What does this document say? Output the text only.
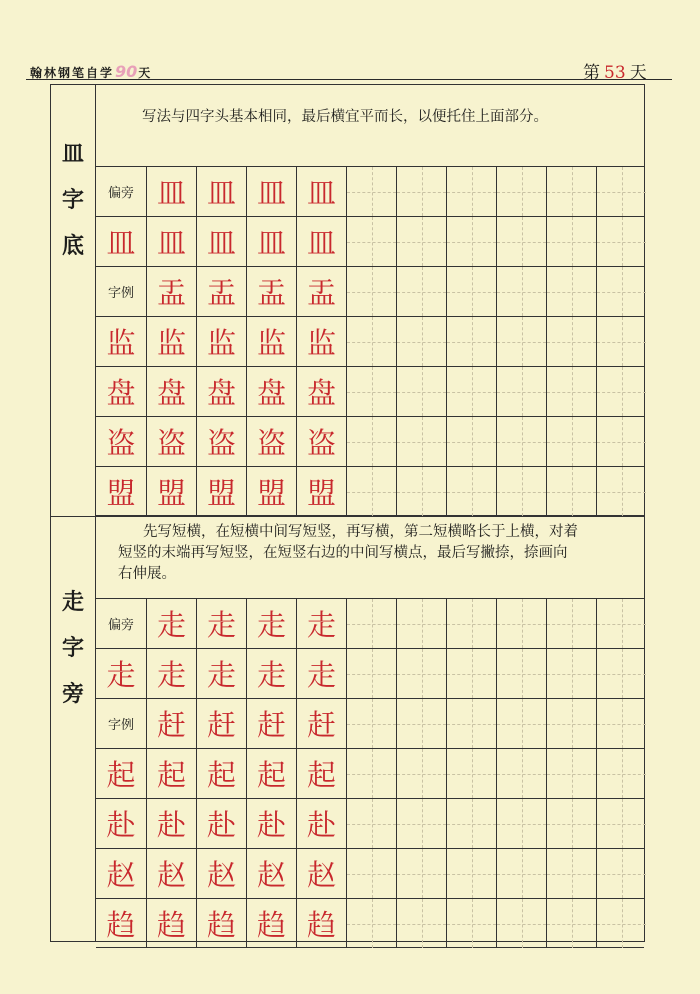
翰林钢笔自学90天	第 53 天
皿
字
底
写法与四字头基本相同，最后横宜平而长，以便托住上面部分。
偏旁 皿 皿 皿 皿
皿 皿 皿 皿 皿
字例 盂 盂 盂 盂
监 监 监 监 监
盘 盘 盘 盘 盘
盗 盗 盗 盗 盗
盟 盟 盟 盟 盟
走
字
旁
先写短横，在短横中间写短竖，再写横，第二短横略长于上横，对着
短竖的末端再写短竖，在短竖右边的中间写横点，最后写撇捺，捺画向
右伸展。
偏旁 走 走 走 走
走 走 走 走 走
字例 赶 赶 赶 赶
起 起 起 起 起
赴 赴 赴 赴 赴
赵 赵 赵 赵 赵
趋 趋 趋 趋 趋
